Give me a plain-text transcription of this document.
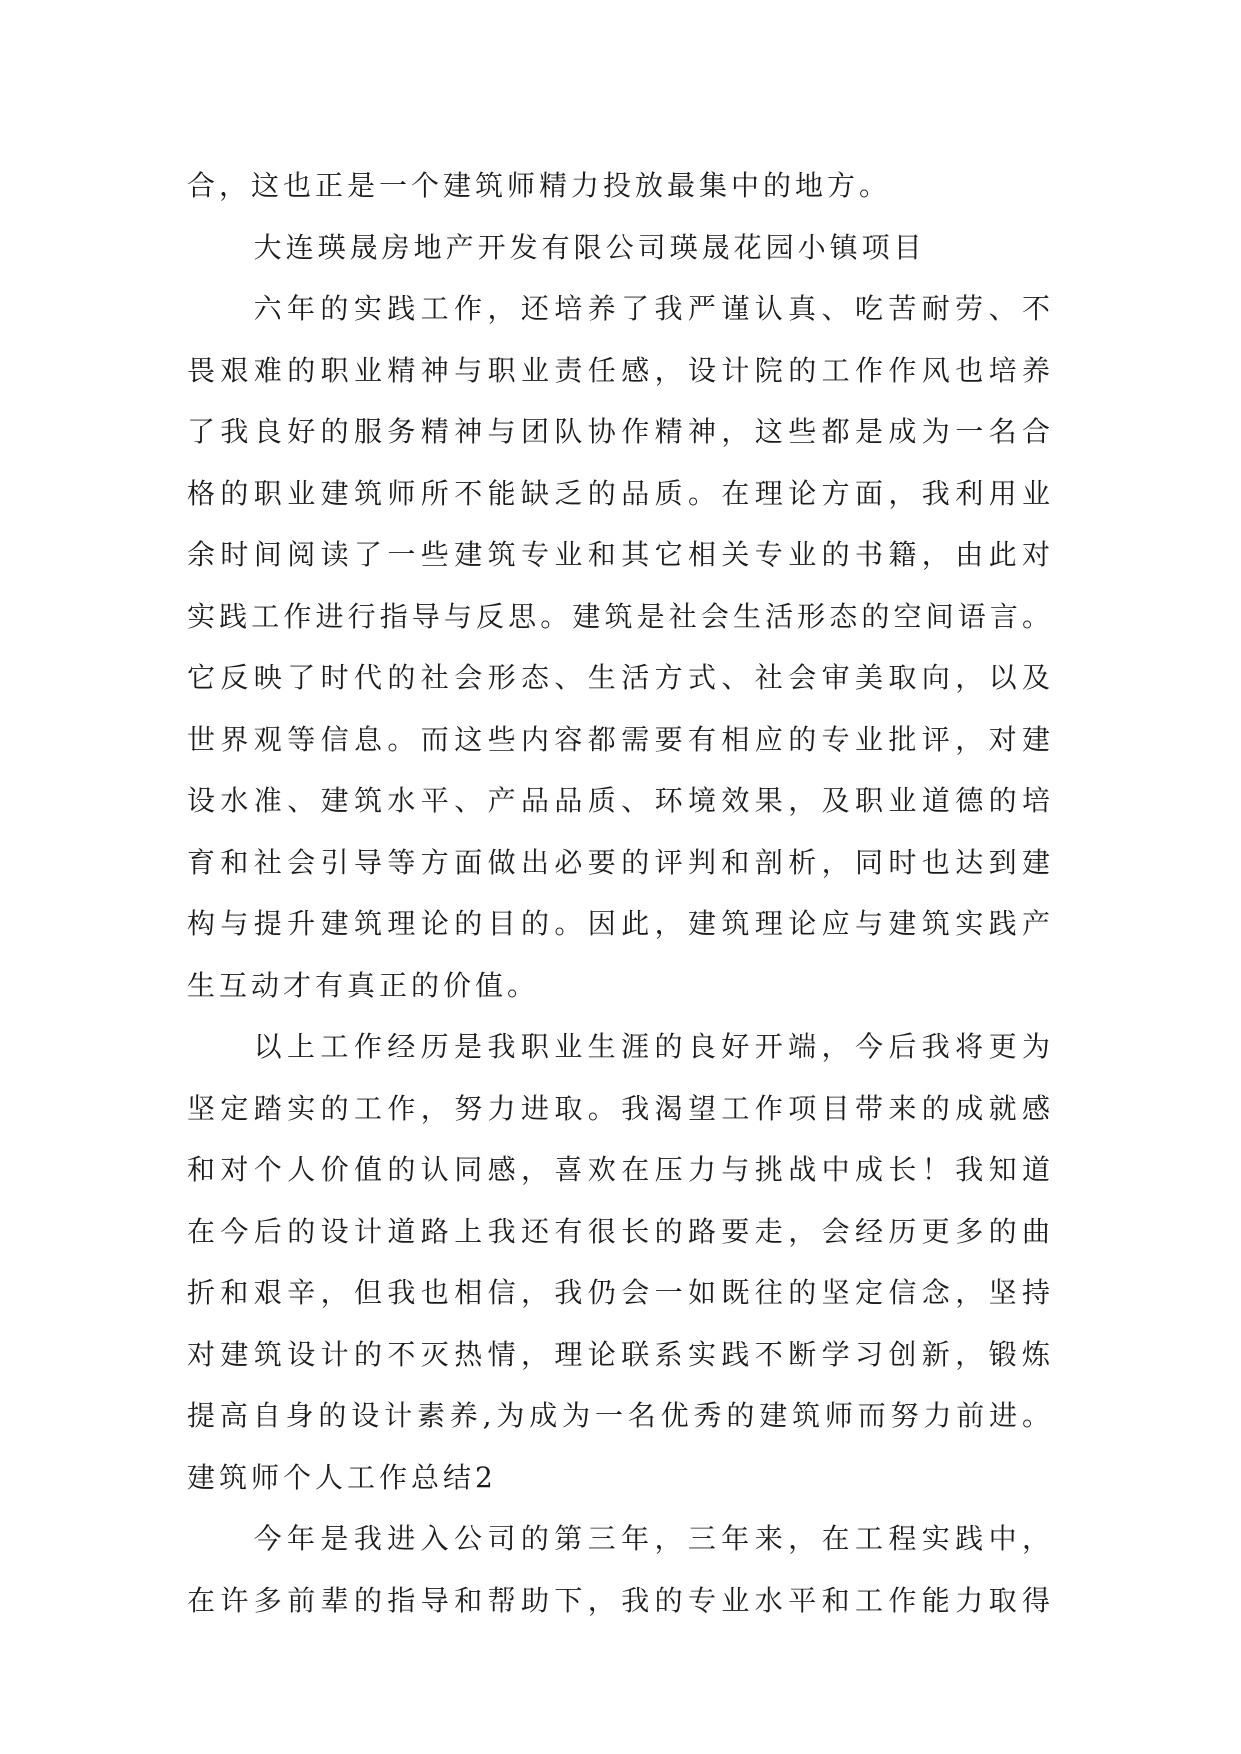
合，这也正是一个建筑师精力投放最集中的地方。
大连瑛晟房地产开发有限公司瑛晟花园小镇项目
六年的实践工作，还培养了我严谨认真、吃苦耐劳、不
畏艰难的职业精神与职业责任感，设计院的工作作风也培养
了我良好的服务精神与团队协作精神，这些都是成为一名合
格的职业建筑师所不能缺乏的品质。在理论方面，我利用业
余时间阅读了一些建筑专业和其它相关专业的书籍，由此对
实践工作进行指导与反思。建筑是社会生活形态的空间语言。
它反映了时代的社会形态、生活方式、社会审美取向，以及
世界观等信息。而这些内容都需要有相应的专业批评，对建
设水准、建筑水平、产品品质、环境效果，及职业道德的培
育和社会引导等方面做出必要的评判和剖析，同时也达到建
构与提升建筑理论的目的。因此，建筑理论应与建筑实践产
生互动才有真正的价值。
以上工作经历是我职业生涯的良好开端，今后我将更为
坚定踏实的工作，努力进取。我渴望工作项目带来的成就感
和对个人价值的认同感，喜欢在压力与挑战中成长！我知道
在今后的设计道路上我还有很长的路要走，会经历更多的曲
折和艰辛，但我也相信，我仍会一如既往的坚定信念，坚持
对建筑设计的不灭热情，理论联系实践不断学习创新，锻炼
提高自身的设计素养,为成为一名优秀的建筑师而努力前进。
建筑师个人工作总结2
今年是我进入公司的第三年，三年来，在工程实践中，
在许多前辈的指导和帮助下，我的专业水平和工作能力取得
